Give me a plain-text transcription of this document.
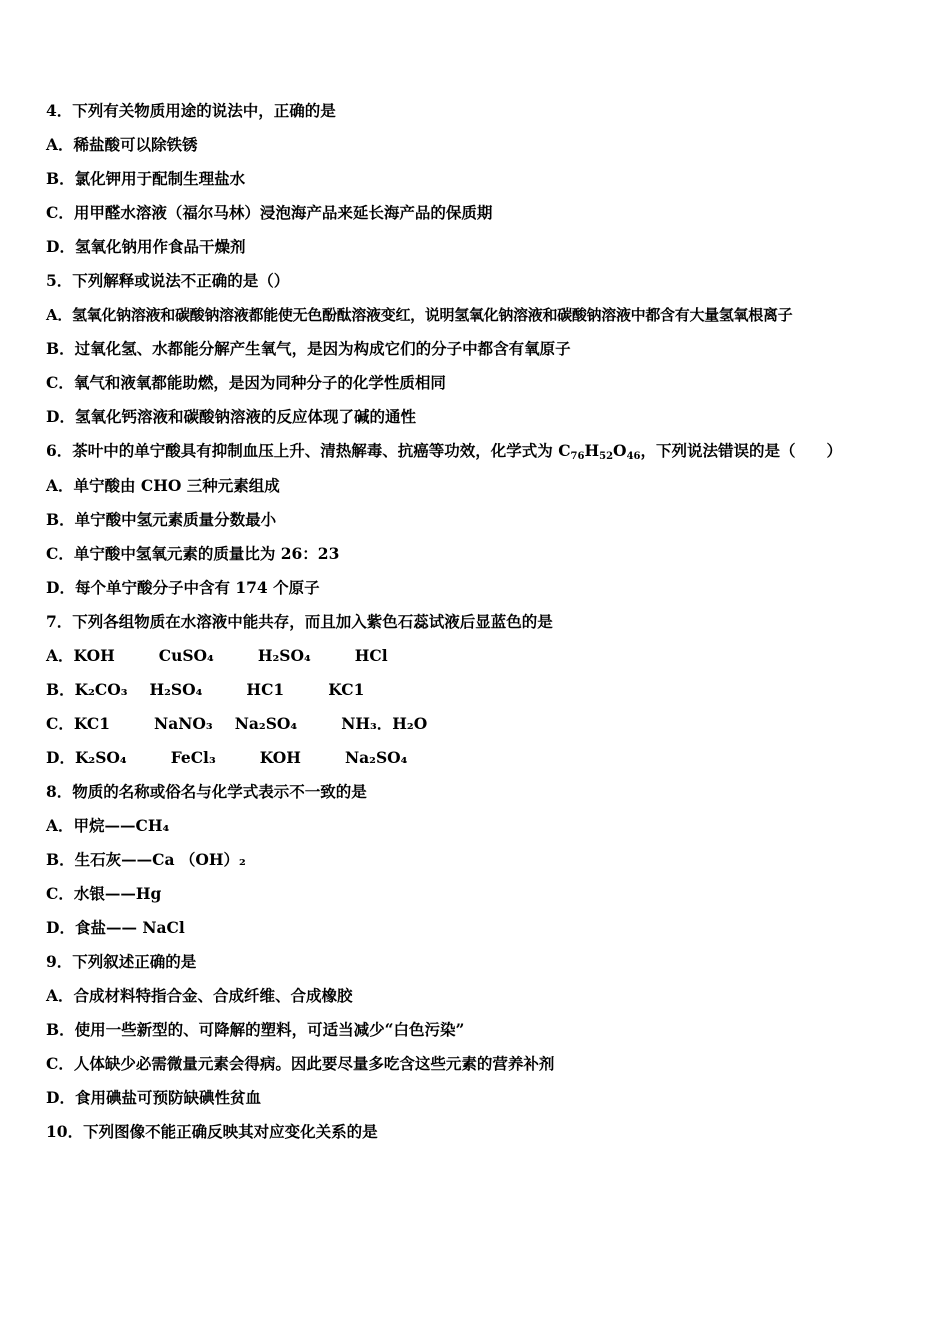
4．下列有关物质用途的说法中，正确的是
A．稀盐酸可以除铁锈
B．氯化钾用于配制生理盐水
C．用甲醛水溶液（福尔马林）浸泡海产品来延长海产品的保质期
D．氢氧化钠用作食品干燥剂
5．下列解释或说法不正确的是（）
A．氢氧化钠溶液和碳酸钠溶液都能使无色酚酞溶液变红，说明氢氧化钠溶液和碳酸钠溶液中都含有大量氢氧根离子
B．过氧化氢、水都能分解产生氧气，是因为构成它们的分子中都含有氧原子
C．氧气和液氧都能助燃，是因为同种分子的化学性质相同
D．氢氧化钙溶液和碳酸钠溶液的反应体现了碱的通性
6．茶叶中的单宁酸具有抑制血压上升、清热解毒、抗癌等功效，化学式为 $C_{76}H_{52}O_{46}$，下列说法错误的是（　　）
A．单宁酸由 CHO 三种元素组成
B．单宁酸中氢元素质量分数最小
C．单宁酸中氢氧元素的质量比为 26：23
D．每个单宁酸分子中含有 174 个原子
7．下列各组物质在水溶液中能共存，而且加入紫色石蕊试液后显蓝色的是
A．KOH	CuSO₄	H₂SO₄	HCl
B．K₂CO₃ H₂SO₄	HC1	KC1
C．KC1	NaNO₃ Na₂SO₄	NH₃．H₂O
D．K₂SO₄	FeCl₃	KOH	Na₂SO₄
8．物质的名称或俗名与化学式表示不一致的是
A．甲烷——CH₄
B．生石灰——Ca （OH）₂
C．水银——Hg
D．食盐—— NaCl
9．下列叙述正确的是
A．合成材料特指合金、合成纤维、合成橡胶
B．使用一些新型的、可降解的塑料，可适当减少“白色污染”
C．人体缺少必需微量元素会得病。因此要尽量多吃含这些元素的营养补剂
D．食用碘盐可预防缺碘性贫血
10．下列图像不能正确反映其对应变化关系的是
